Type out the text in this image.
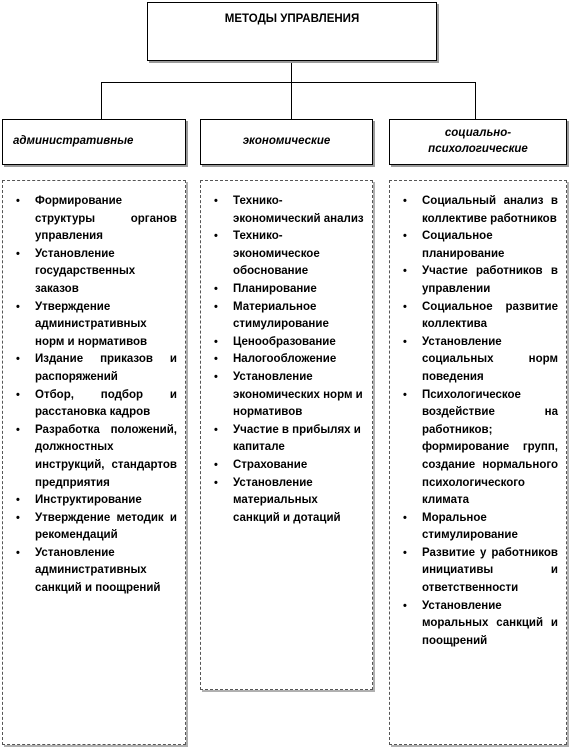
МЕТОДЫ УПРАВЛЕНИЯ
административные	экономические
социально-психологические
• Формирование структуры органов управления
• Установление государственных заказов
• Утверждение административных норм и нормативов
• Издание приказов и распоряжений
• Отбор, подбор и расстановка кадров
• Разработка положений, должностных инструкций, стандартов предприятия
• Инструктирование
• Утверждение методик и рекомендаций
• Установление административных санкций и поощрений
• Технико-экономический анализ
• Технико-экономическое обоснование
• Планирование
• Материальное стимулирование
• Ценообразование
• Налогообложение
• Установление экономических норм и нормативов
• Участие в прибылях и капитале
• Страхование
• Установление материальных санкций и дотаций
• Социальный анализ в коллективе работников
• Социальное планирование
• Участие работников в управлении
• Социальное развитие коллектива
• Установление социальных норм поведения
• Психологическое воздействие на работников; формирование групп, создание нормального психологического климата
• Моральное стимулирование
• Развитие у работников инициативы и ответственности
• Установление моральных санкций и поощрений
